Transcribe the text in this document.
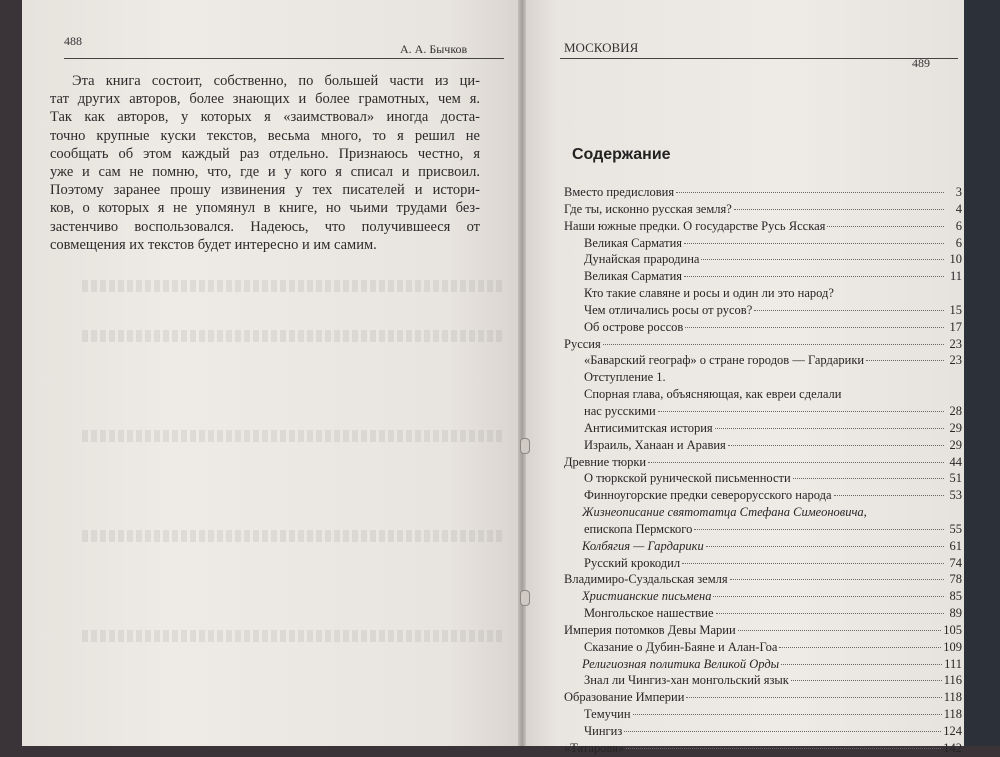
488
А. А. Бычков

Эта книга состоит, собственно, по большей части из ци-
тат других авторов, более знающих и более грамотных, чем я.
Так как авторов, у которых я «заимствовал» иногда доста-
точно крупные куски текстов, весьма много, то я решил не
сообщать об этом каждый раз отдельно. Признаюсь честно, я
уже и сам не помню, что, где и у кого я списал и присвоил.
Поэтому заранее прошу извинения у тех писателей и истори-
ков, о которых я не упомянул в книге, но чьими трудами без-
застенчиво воспользовался. Надеюсь, что получившееся от
совмещения их текстов будет интересно и им самим.

МОСКОВИЯ
489
Содержание
Вместо предисловия	3
Где ты, исконно русская земля?	4
Наши южные предки. О государстве Русь Ясская	6
Великая Сарматия	6
Дунайская прародина	10
Великая Сарматия	11
Кто такие славяне и росы и один ли это народ?
Чем отличались росы от русов?	15
Об острове россов	17
Руссия	23
«Баварский географ» о стране городов — Гардарики	23
Отступление 1.
Спорная глава, объясняющая, как евреи сделали
нас русскими	28
Антисимитская история	29
Израиль, Ханаан и Аравия	29
Древние тюрки	44
О тюркской рунической письменности	51
Финноугорские предки северорусского народа	53
Жизнеописание святотатца Стефана Симеоновича,
епископа Пермского	55
Колбягия — Гардарики	61
Русский крокодил	74
Владимиро-Суздальская земля	78
Христианские письмена	85
Монгольское нашествие	89
Империя потомков Девы Марии	105
Сказание о Дубин-Баяне и Алан-Гоа	109
Религиозная политика Великой Орды	111
Знал ли Чингиз-хан монгольский язык	116
Образование Империи	118
Темучин	118
Чингиз	124
«Татаровя»	142
